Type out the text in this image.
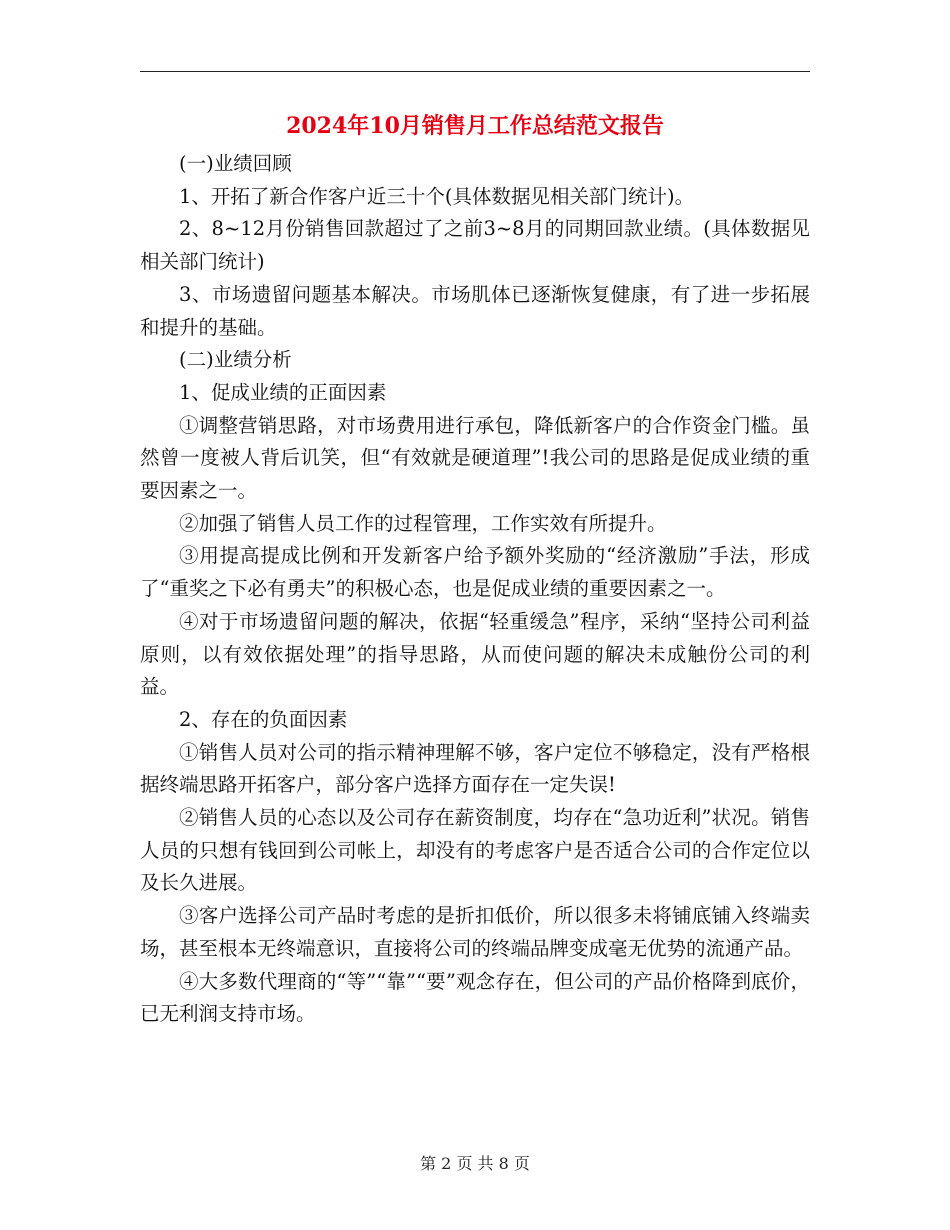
2024年10月销售月工作总结范文报告

(一)业绩回顾

1、开拓了新合作客户近三十个(具体数据见相关部门统计)。

2、8~12月份销售回款超过了之前3~8月的同期回款业绩。(具体数据见相关部门统计)

3、市场遗留问题基本解决。市场肌体已逐渐恢复健康，有了进一步拓展和提升的基础。

(二)业绩分析

1、促成业绩的正面因素

①调整营销思路，对市场费用进行承包，降低新客户的合作资金门槛。虽然曾一度被人背后讥笑，但“有效就是硬道理”!我公司的思路是促成业绩的重要因素之一。

②加强了销售人员工作的过程管理，工作实效有所提升。

③用提高提成比例和开发新客户给予额外奖励的“经济激励”手法，形成了“重奖之下必有勇夫”的积极心态，也是促成业绩的重要因素之一。

④对于市场遗留问题的解决，依据“轻重缓急”程序，采纳“坚持公司利益原则，以有效依据处理”的指导思路，从而使问题的解决未成触份公司的利益。

2、存在的负面因素

①销售人员对公司的指示精神理解不够，客户定位不够稳定，没有严格根据终端思路开拓客户，部分客户选择方面存在一定失误!

②销售人员的心态以及公司存在薪资制度，均存在“急功近利”状况。销售人员的只想有钱回到公司帐上，却没有的考虑客户是否适合公司的合作定位以及长久进展。

③客户选择公司产品时考虑的是折扣低价，所以很多未将铺底铺入终端卖场，甚至根本无终端意识，直接将公司的终端品牌变成毫无优势的流通产品。

④大多数代理商的“等”“靠”“要”观念存在，但公司的产品价格降到底价，已无利润支持市场。

第 2 页 共 8 页
